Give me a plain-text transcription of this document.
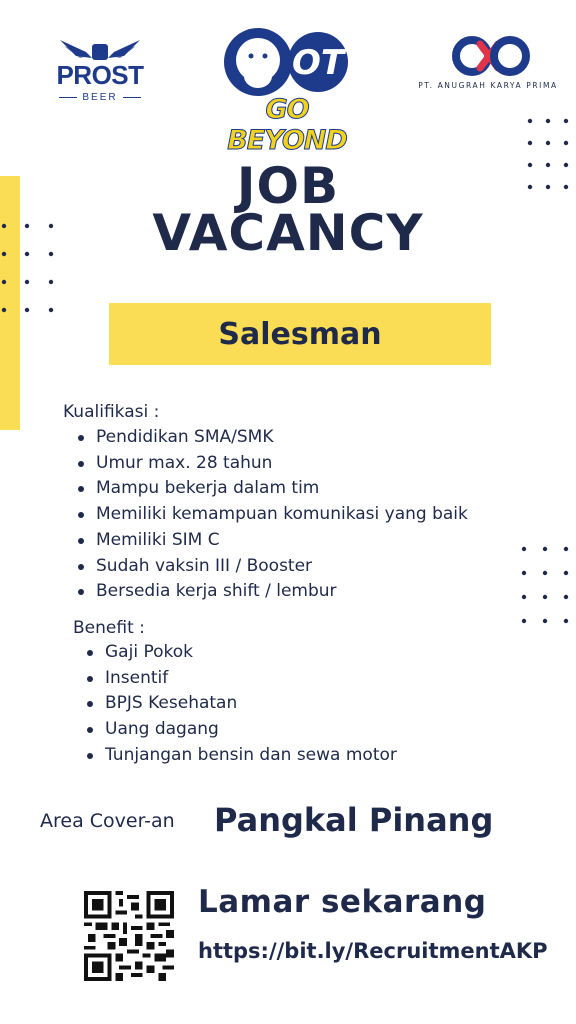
PROST
BEER
OT
GO BEYOND
PT. ANUGRAH KARYA PRIMA
JOB
VACANCY
Salesman
Kualifikasi :
Pendidikan SMA/SMK
Umur max. 28 tahun
Mampu bekerja dalam tim
Memiliki kemampuan komunikasi yang baik
Memiliki SIM C
Sudah vaksin III / Booster
Bersedia kerja shift / lembur
Benefit :
Gaji Pokok
Insentif
BPJS Kesehatan
Uang dagang
Tunjangan bensin dan sewa motor
Area Cover-an Pangkal Pinang
Lamar sekarang
https://bit.ly/RecruitmentAKP
